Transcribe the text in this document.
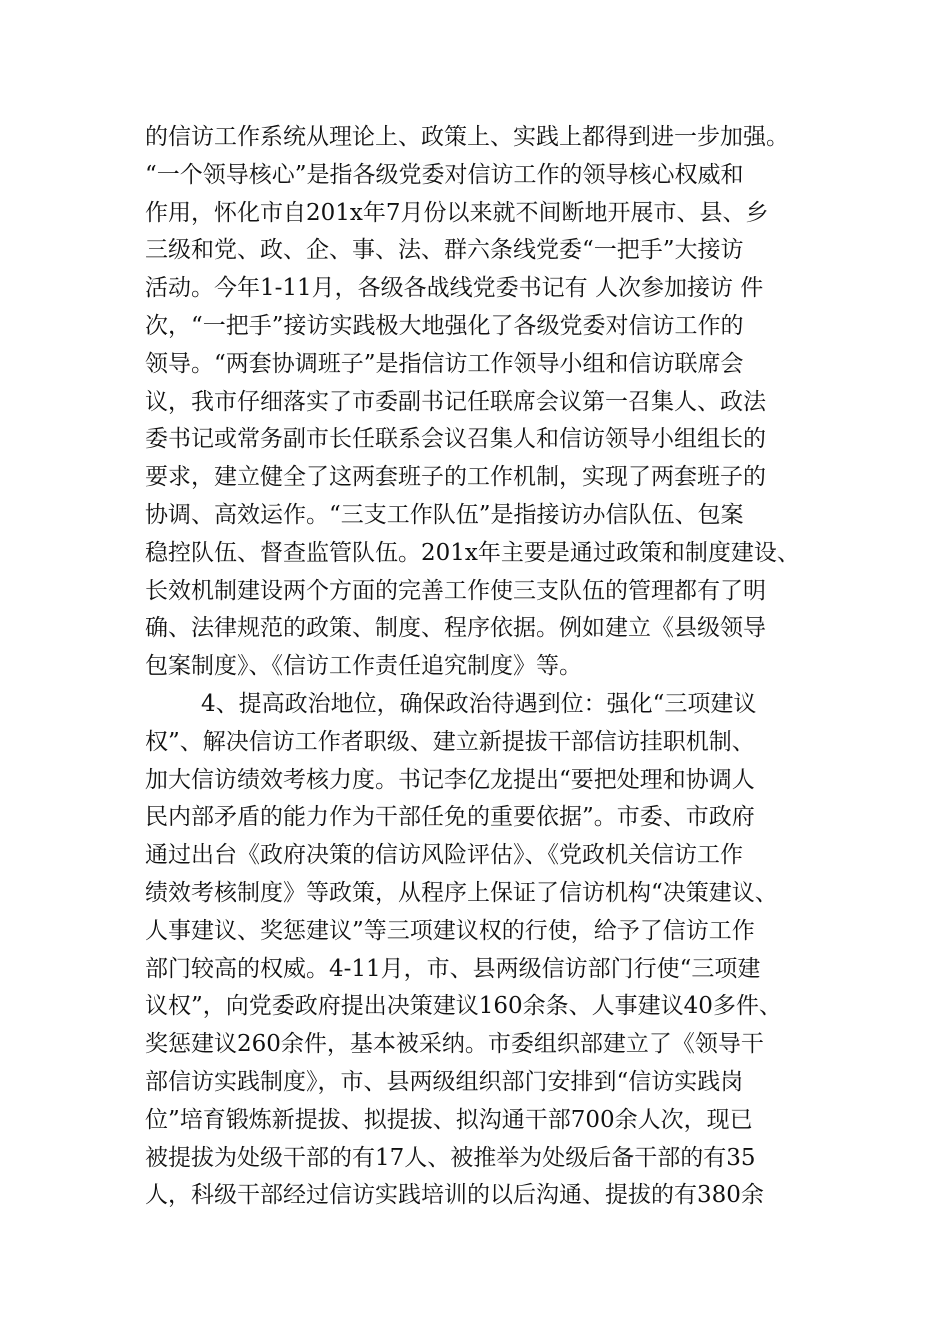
的信访工作系统从理论上、政策上、实践上都得到进一步加强。
“一个领导核心”是指各级党委对信访工作的领导核心权威和
作用，怀化市自201x年7月份以来就不间断地开展市、县、乡
三级和党、政、企、事、法、群六条线党委“一把手”大接访
活动。今年1-11月，各级各战线党委书记有 人次参加接访 件
次，“一把手”接访实践极大地强化了各级党委对信访工作的
领导。“两套协调班子”是指信访工作领导小组和信访联席会
议，我市仔细落实了市委副书记任联席会议第一召集人、政法
委书记或常务副市长任联系会议召集人和信访领导小组组长的
要求，建立健全了这两套班子的工作机制，实现了两套班子的
协调、高效运作。“三支工作队伍”是指接访办信队伍、包案
稳控队伍、督查监管队伍。201x年主要是通过政策和制度建设、
长效机制建设两个方面的完善工作使三支队伍的管理都有了明
确、法律规范的政策、制度、程序依据。例如建立《县级领导
包案制度》、《信访工作责任追究制度》等。
4、提高政治地位，确保政治待遇到位：强化“三项建议
权”、解决信访工作者职级、建立新提拔干部信访挂职机制、
加大信访绩效考核力度。书记李亿龙提出“要把处理和协调人
民内部矛盾的能力作为干部任免的重要依据”。市委、市政府
通过出台《政府决策的信访风险评估》、《党政机关信访工作
绩效考核制度》等政策，从程序上保证了信访机构“决策建议、
人事建议、奖惩建议”等三项建议权的行使，给予了信访工作
部门较高的权威。4-11月，市、县两级信访部门行使“三项建
议权”，向党委政府提出决策建议160余条、人事建议40多件、
奖惩建议260余件，基本被采纳。市委组织部建立了《领导干
部信访实践制度》，市、县两级组织部门安排到“信访实践岗
位”培育锻炼新提拔、拟提拔、拟沟通干部700余人次，现已
被提拔为处级干部的有17人、被推举为处级后备干部的有35
人，科级干部经过信访实践培训的以后沟通、提拔的有380余
